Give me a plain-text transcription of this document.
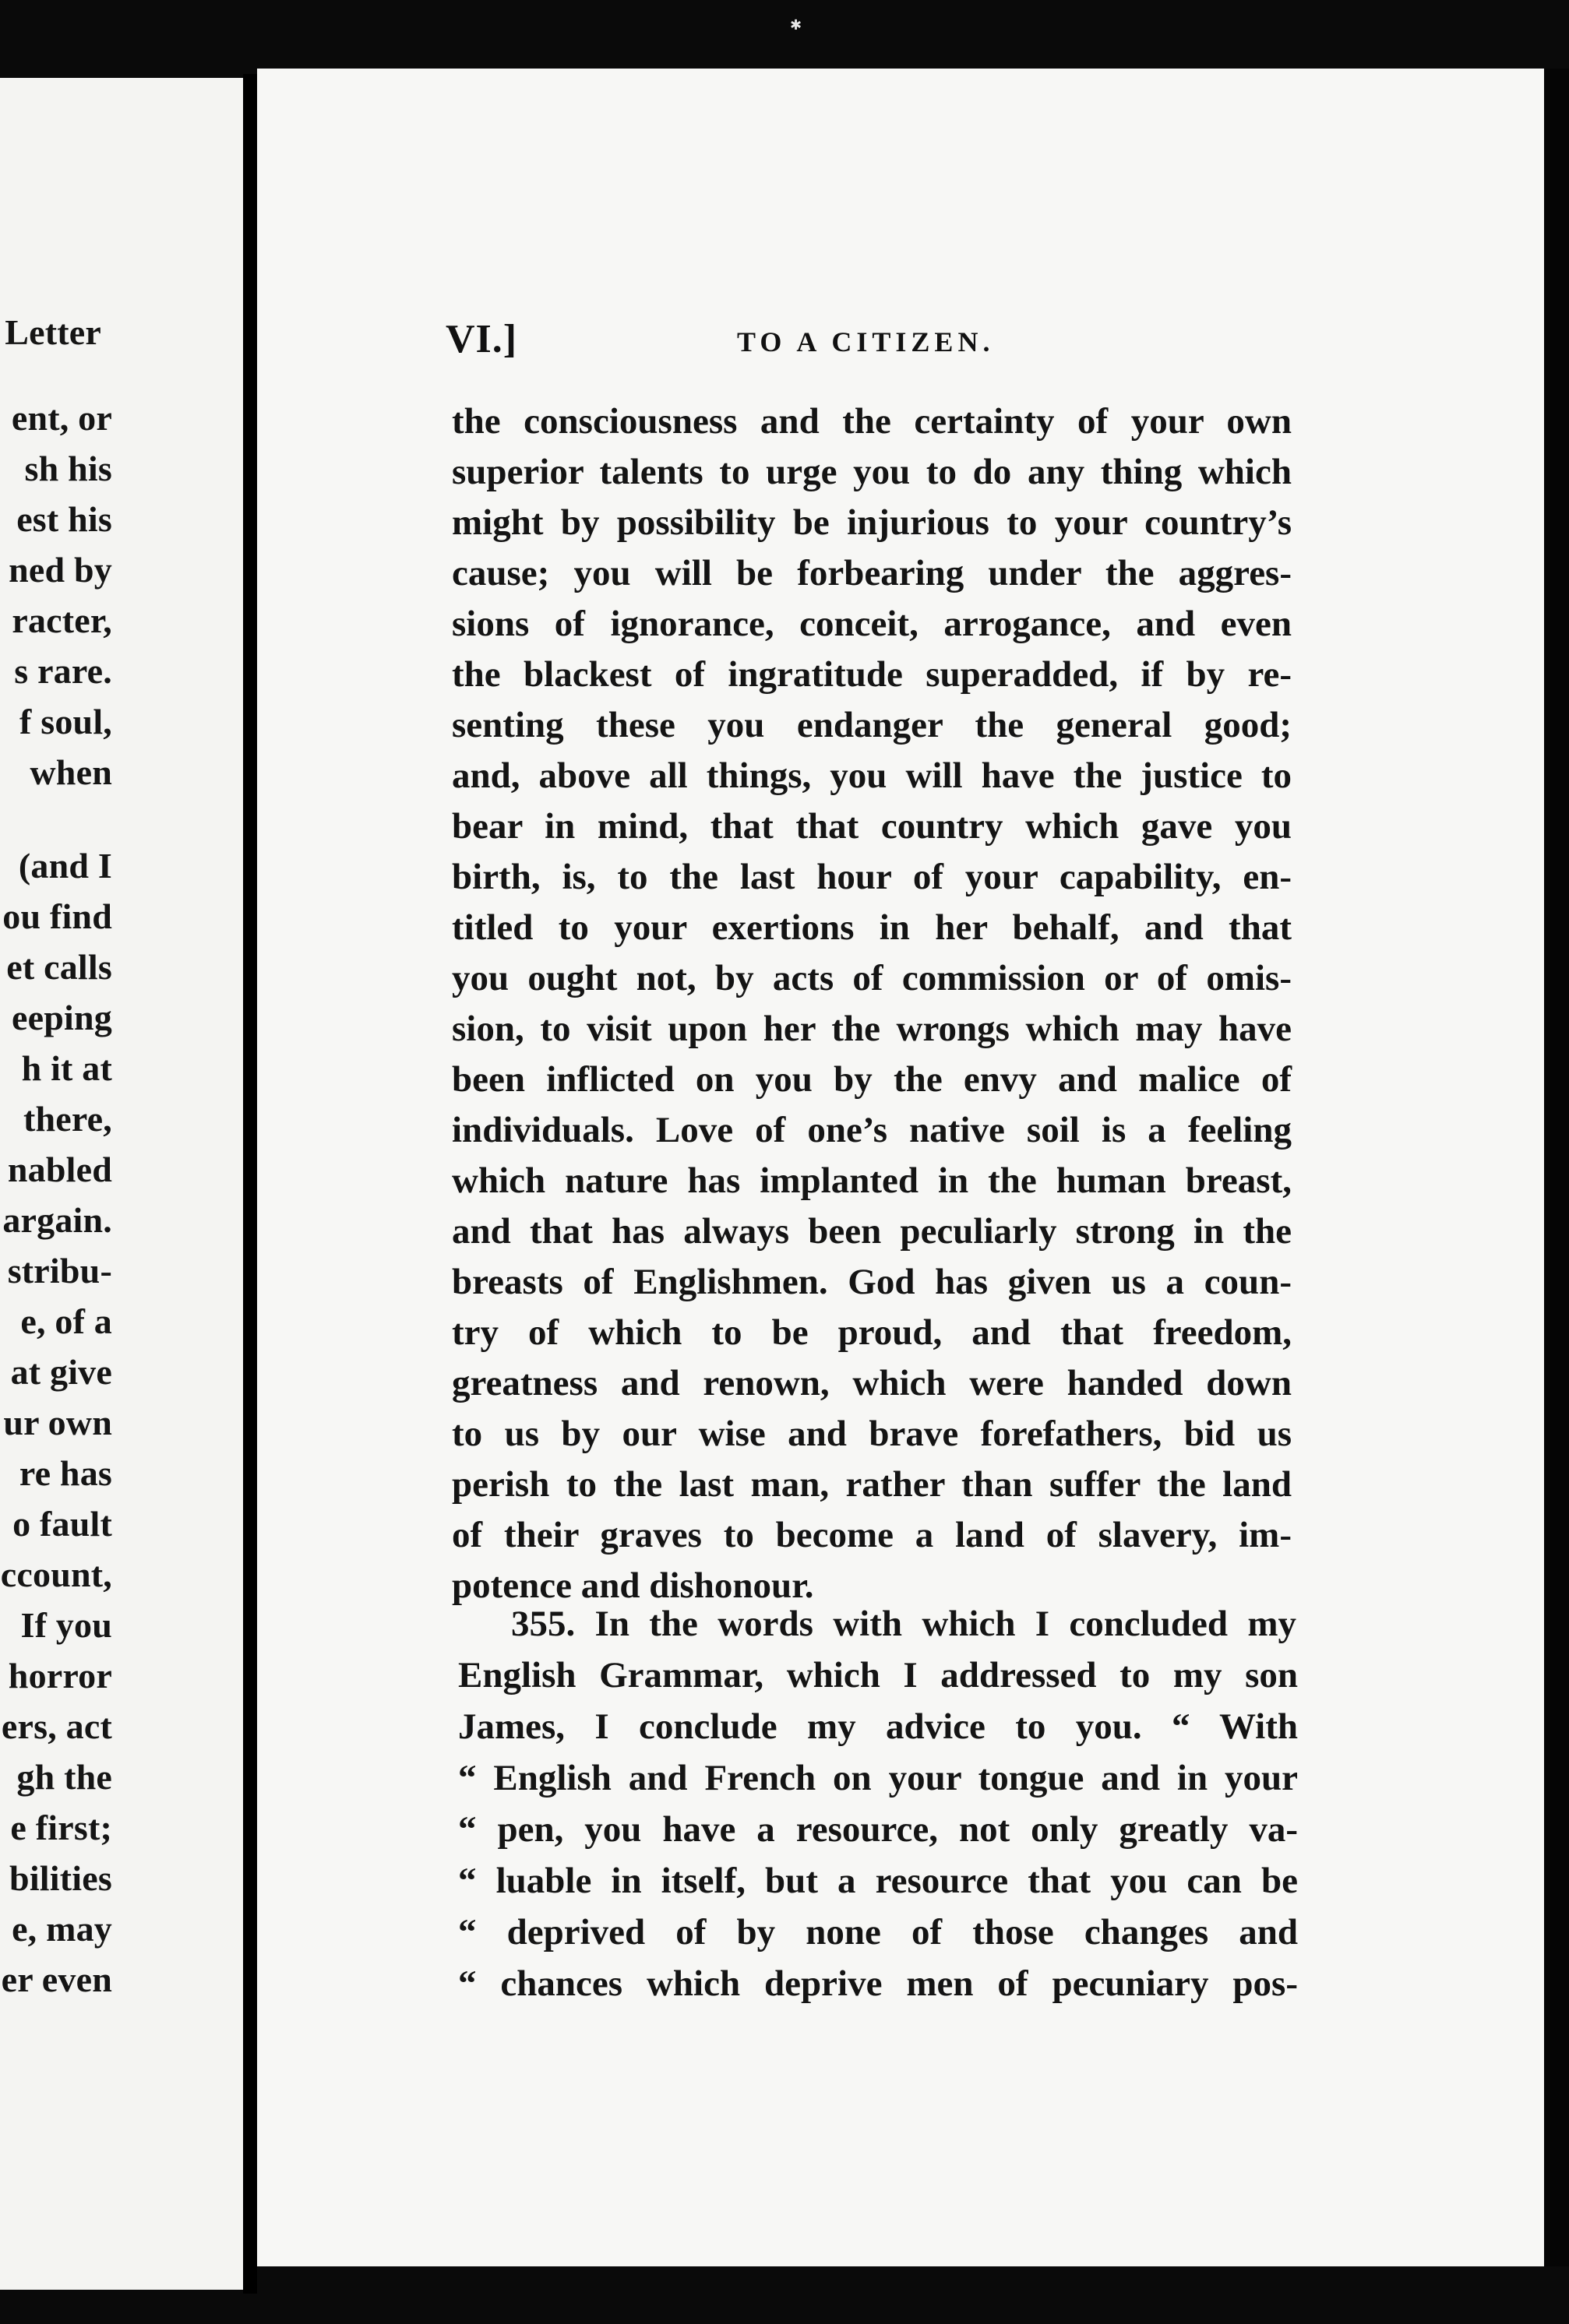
✱
Letter
ent, or
sh his
est his
ned by
racter,
s rare.
f soul,
when
(and I
ou find
et calls
eeping
h it at
there,
nabled
argain.
stribu-
e, of a
at give
ur own
re has
o fault
ccount,
If you
horror
ers, act
gh the
e first;
bilities
e, may
er even
VI.]	TO A CITIZEN.
the consciousness and the certainty of your own
superior talents to urge you to do any thing which
might by possibility be injurious to your country’s
cause; you will be forbearing under the aggres-
sions of ignorance, conceit, arrogance, and even
the blackest of ingratitude superadded, if by re-
senting these you endanger the general good;
and, above all things, you will have the justice to
bear in mind, that that country which gave you
birth, is, to the last hour of your capability, en-
titled to your exertions in her behalf, and that
you ought not, by acts of commission or of omis-
sion, to visit upon her the wrongs which may have
been inflicted on you by the envy and malice of
individuals. Love of one’s native soil is a feeling
which nature has implanted in the human breast,
and that has always been peculiarly strong in the
breasts of Englishmen. God has given us a coun-
try of which to be proud, and that freedom,
greatness and renown, which were handed down
to us by our wise and brave forefathers, bid us
perish to the last man, rather than suffer the land
of their graves to become a land of slavery, im-
potence and dishonour.
355. In the words with which I concluded my
English Grammar, which I addressed to my son
James, I conclude my advice to you. “ With
“ English and French on your tongue and in your
“ pen, you have a resource, not only greatly va-
“ luable in itself, but a resource that you can be
“ deprived of by none of those changes and
“ chances which deprive men of pecuniary pos-
